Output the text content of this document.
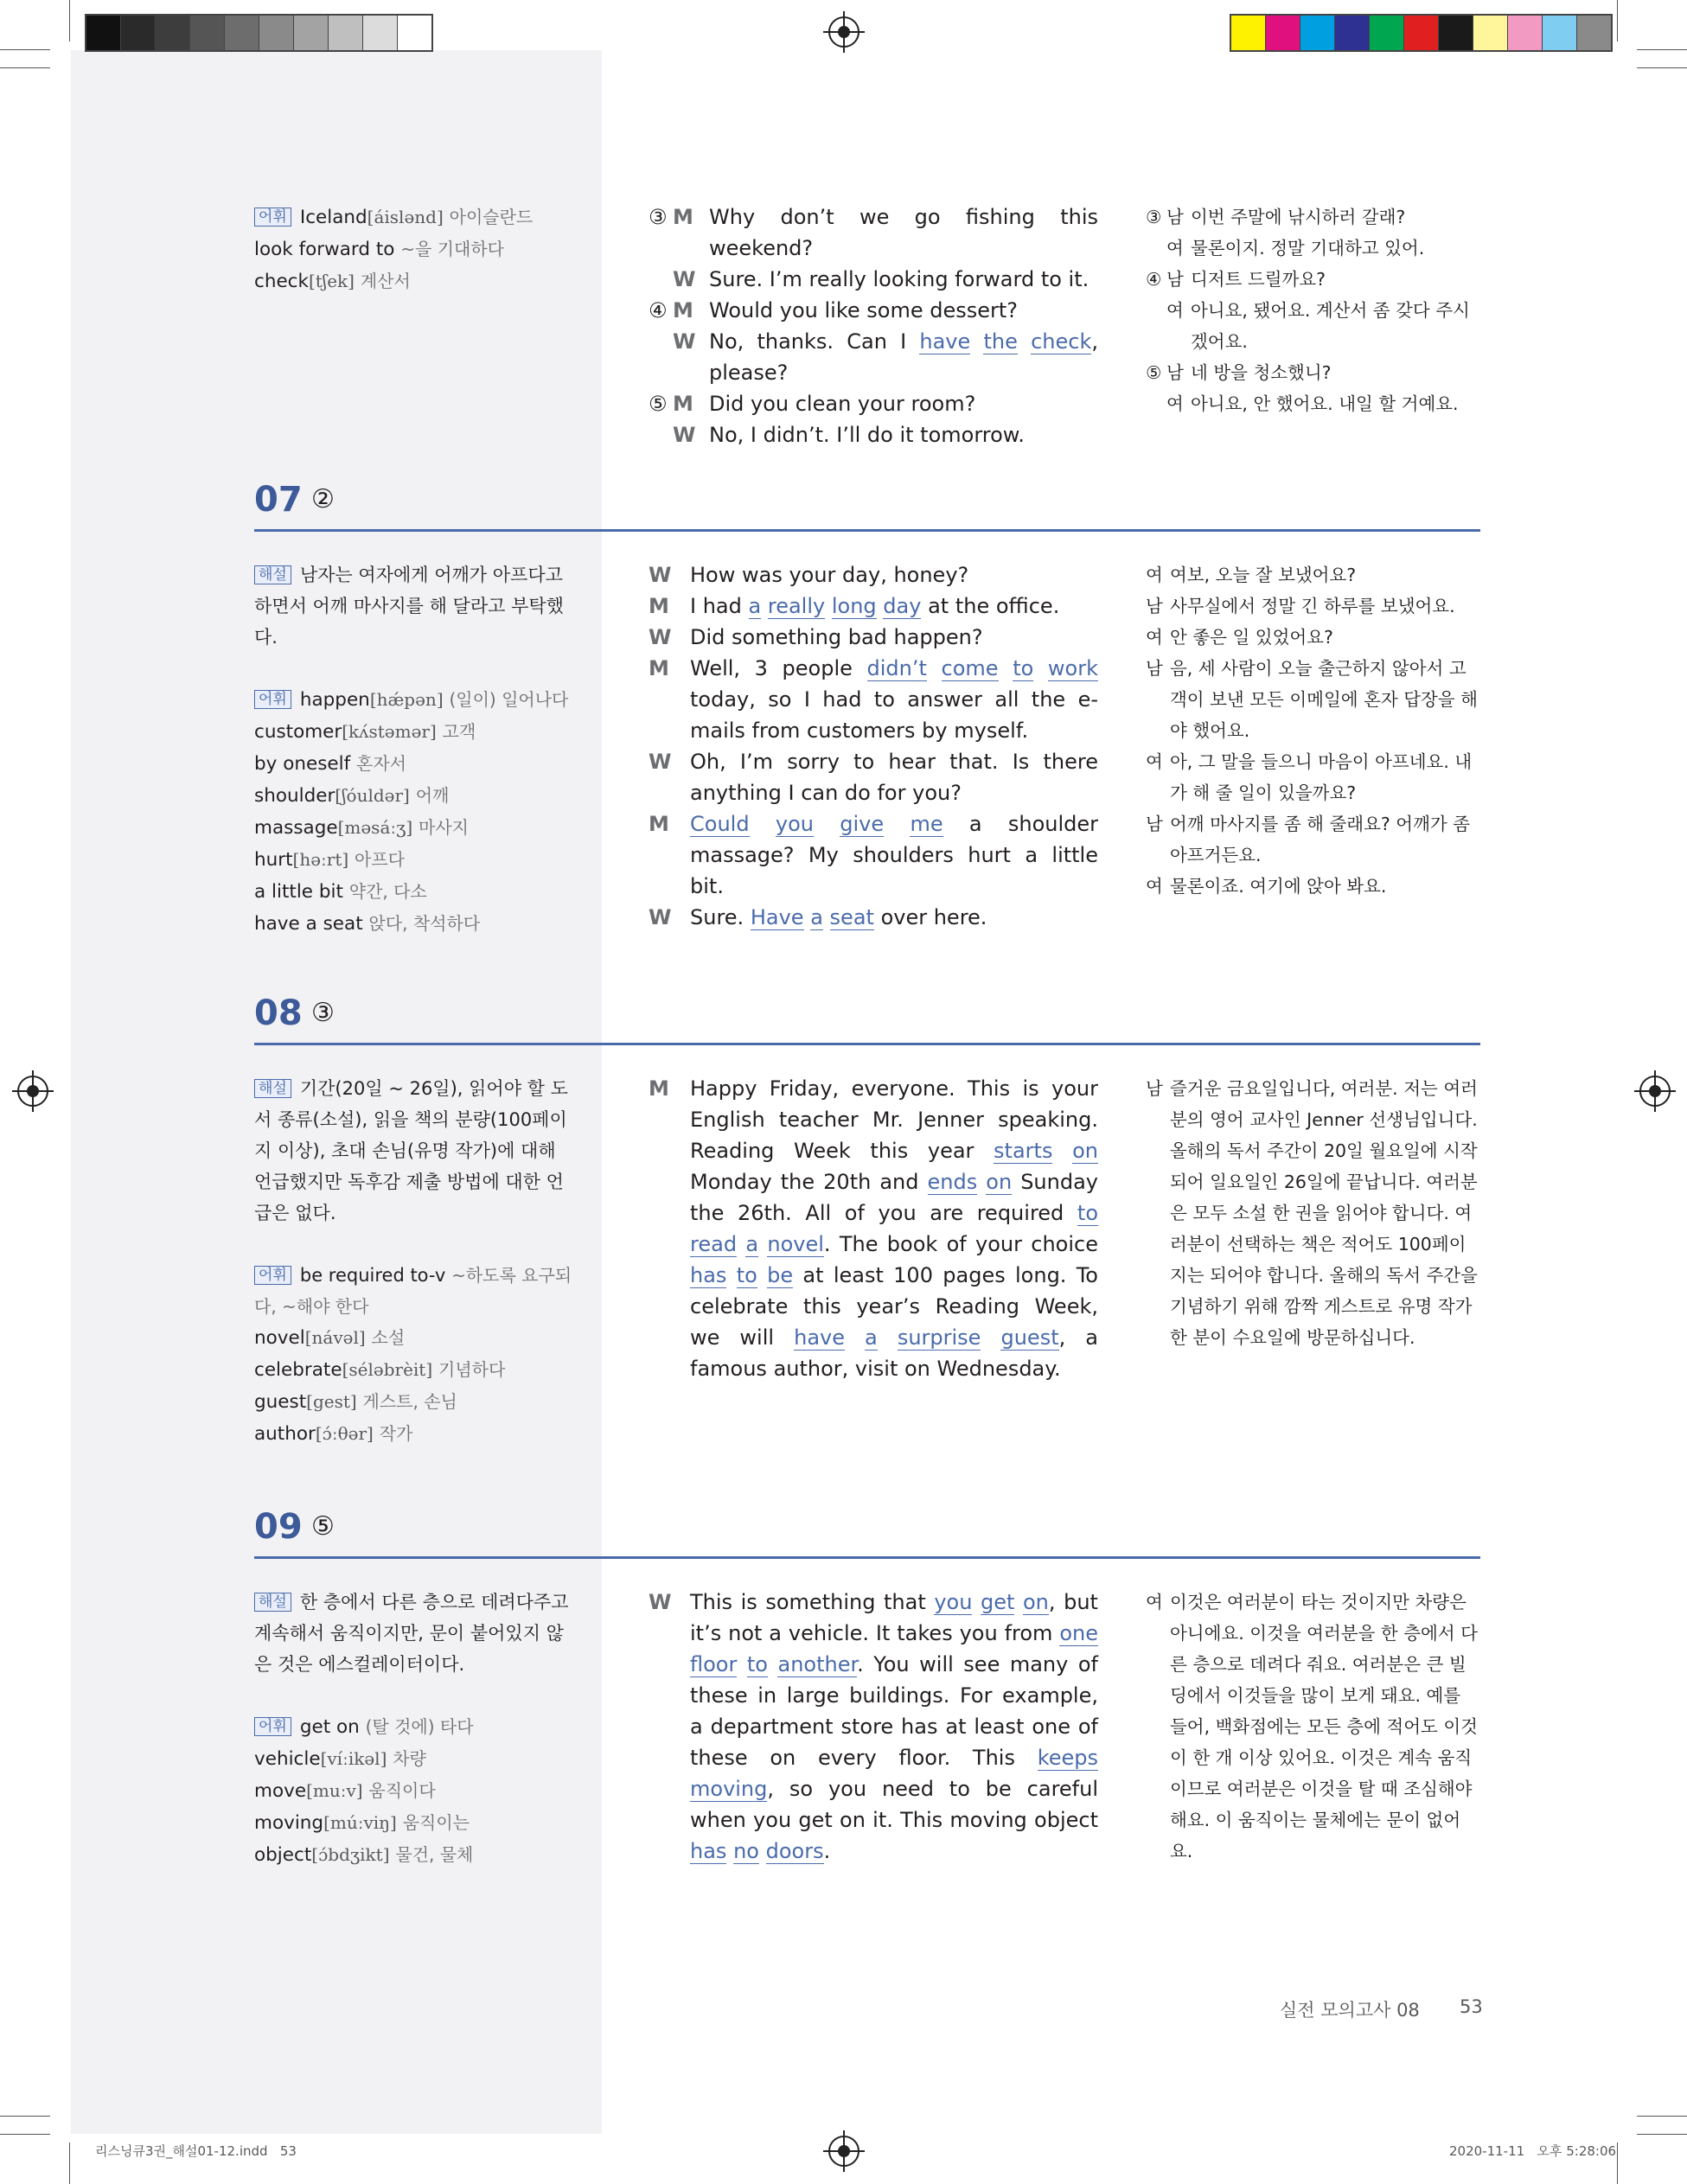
어휘 Iceland[áislənd] 아이슬란드
look forward to ~을 기대하다
check[tʃek] 계산서
③ M Why don’t we go fishing this weekend?
W Sure. I’m really looking forward to it.
④ M Would you like some dessert?
W No, thanks. Can I have the check, please?
⑤ M Did you clean your room?
W No, I didn’t. I’ll do it tomorrow.
③ 남 이번 주말에 낚시하러 갈래?
여 물론이지. 정말 기대하고 있어.
④ 남 디저트 드릴까요?
여 아니요, 됐어요. 계산서 좀 갖다 주시겠어요.
⑤ 남 네 방을 청소했니?
여 아니요, 안 했어요. 내일 할 거예요.
07 ②
해설 남자는 여자에게 어깨가 아프다고 하면서 어깨 마사지를 해 달라고 부탁했다.
어휘 happen[hǽpən] (일이) 일어나다
customer[kʌ́stəmər] 고객
by oneself 혼자서
shoulder[ʃóuldər] 어깨
massage[məsáːʒ] 마사지
hurt[həːrt] 아프다
a little bit 약간, 다소
have a seat 앉다, 착석하다
W How was your day, honey?
M	I had a really long day at the office.
W Did something bad happen?
M	Well, 3 people didn’t come to work today, so I had to answer all the e-mails from customers by myself.
W Oh, I’m sorry to hear that. Is there anything I can do for you?
M	Could you give me a shoulder massage? My shoulders hurt a little bit.
W Sure. Have a seat over here.
여 여보, 오늘 잘 보냈어요?
남 사무실에서 정말 긴 하루를 보냈어요.
여 안 좋은 일 있었어요?
남 음, 세 사람이 오늘 출근하지 않아서 고객이 보낸 모든 이메일에 혼자 답장을 해야 했어요.
여 아, 그 말을 들으니 마음이 아프네요. 내가 해 줄 일이 있을까요?
남 어깨 마사지를 좀 해 줄래요? 어깨가 좀 아프거든요.
여 물론이죠. 여기에 앉아 봐요.
08 ③
해설 기간(20일 ~ 26일), 읽어야 할 도서 종류(소설), 읽을 책의 분량(100페이지 이상), 초대 손님(유명 작가)에 대해 언급했지만 독후감 제출 방법에 대한 언급은 없다.
어휘 be required to-v ~하도록 요구되다, ~해야 한다
novel[návəl] 소설
celebrate[séləbrèit] 기념하다
guest[gest] 게스트, 손님
author[ɔ́ːθər] 작가
M	Happy Friday, everyone. This is your English teacher Mr. Jenner speaking. Reading Week this year starts on Monday the 20th and ends on Sunday the 26th. All of you are required to read a novel. The book of your choice has to be at least 100 pages long. To celebrate this year’s Reading Week, we will have a surprise guest, a famous author, visit on Wednesday.
남 즐거운 금요일입니다, 여러분. 저는 여러분의 영어 교사인 Jenner 선생님입니다. 올해의 독서 주간이 20일 월요일에 시작되어 일요일인 26일에 끝납니다. 여러분은 모두 소설 한 권을 읽어야 합니다. 여러분이 선택하는 책은 적어도 100페이지는 되어야 합니다. 올해의 독서 주간을 기념하기 위해 깜짝 게스트로 유명 작가 한 분이 수요일에 방문하십니다.
09 ⑤
해설 한 층에서 다른 층으로 데려다주고 계속해서 움직이지만, 문이 붙어있지 않은 것은 에스컬레이터이다.
어휘 get on (탈 것에) 타다
vehicle[víːikəl] 차량
move[muːv] 움직이다
moving[múːviŋ] 움직이는
object[ɔ́bdʒikt] 물건, 물체
W This is something that you get on, but it’s not a vehicle. It takes you from one floor to another. You will see many of these in large buildings. For example, a department store has at least one of these on every floor. This keeps moving, so you need to be careful when you get on it. This moving object has no doors.
여 이것은 여러분이 타는 것이지만 차량은 아니에요. 이것을 여러분을 한 층에서 다른 층으로 데려다 줘요. 여러분은 큰 빌딩에서 이것들을 많이 보게 돼요. 예를 들어, 백화점에는 모든 층에 적어도 이것이 한 개 이상 있어요. 이것은 계속 움직이므로 여러분은 이것을 탈 때 조심해야 해요. 이 움직이는 물체에는 문이 없어요.
실전 모의고사 08 53
리스닝큐3권_해설01-12.indd   53	2020-11-11   오후 5:28:06
